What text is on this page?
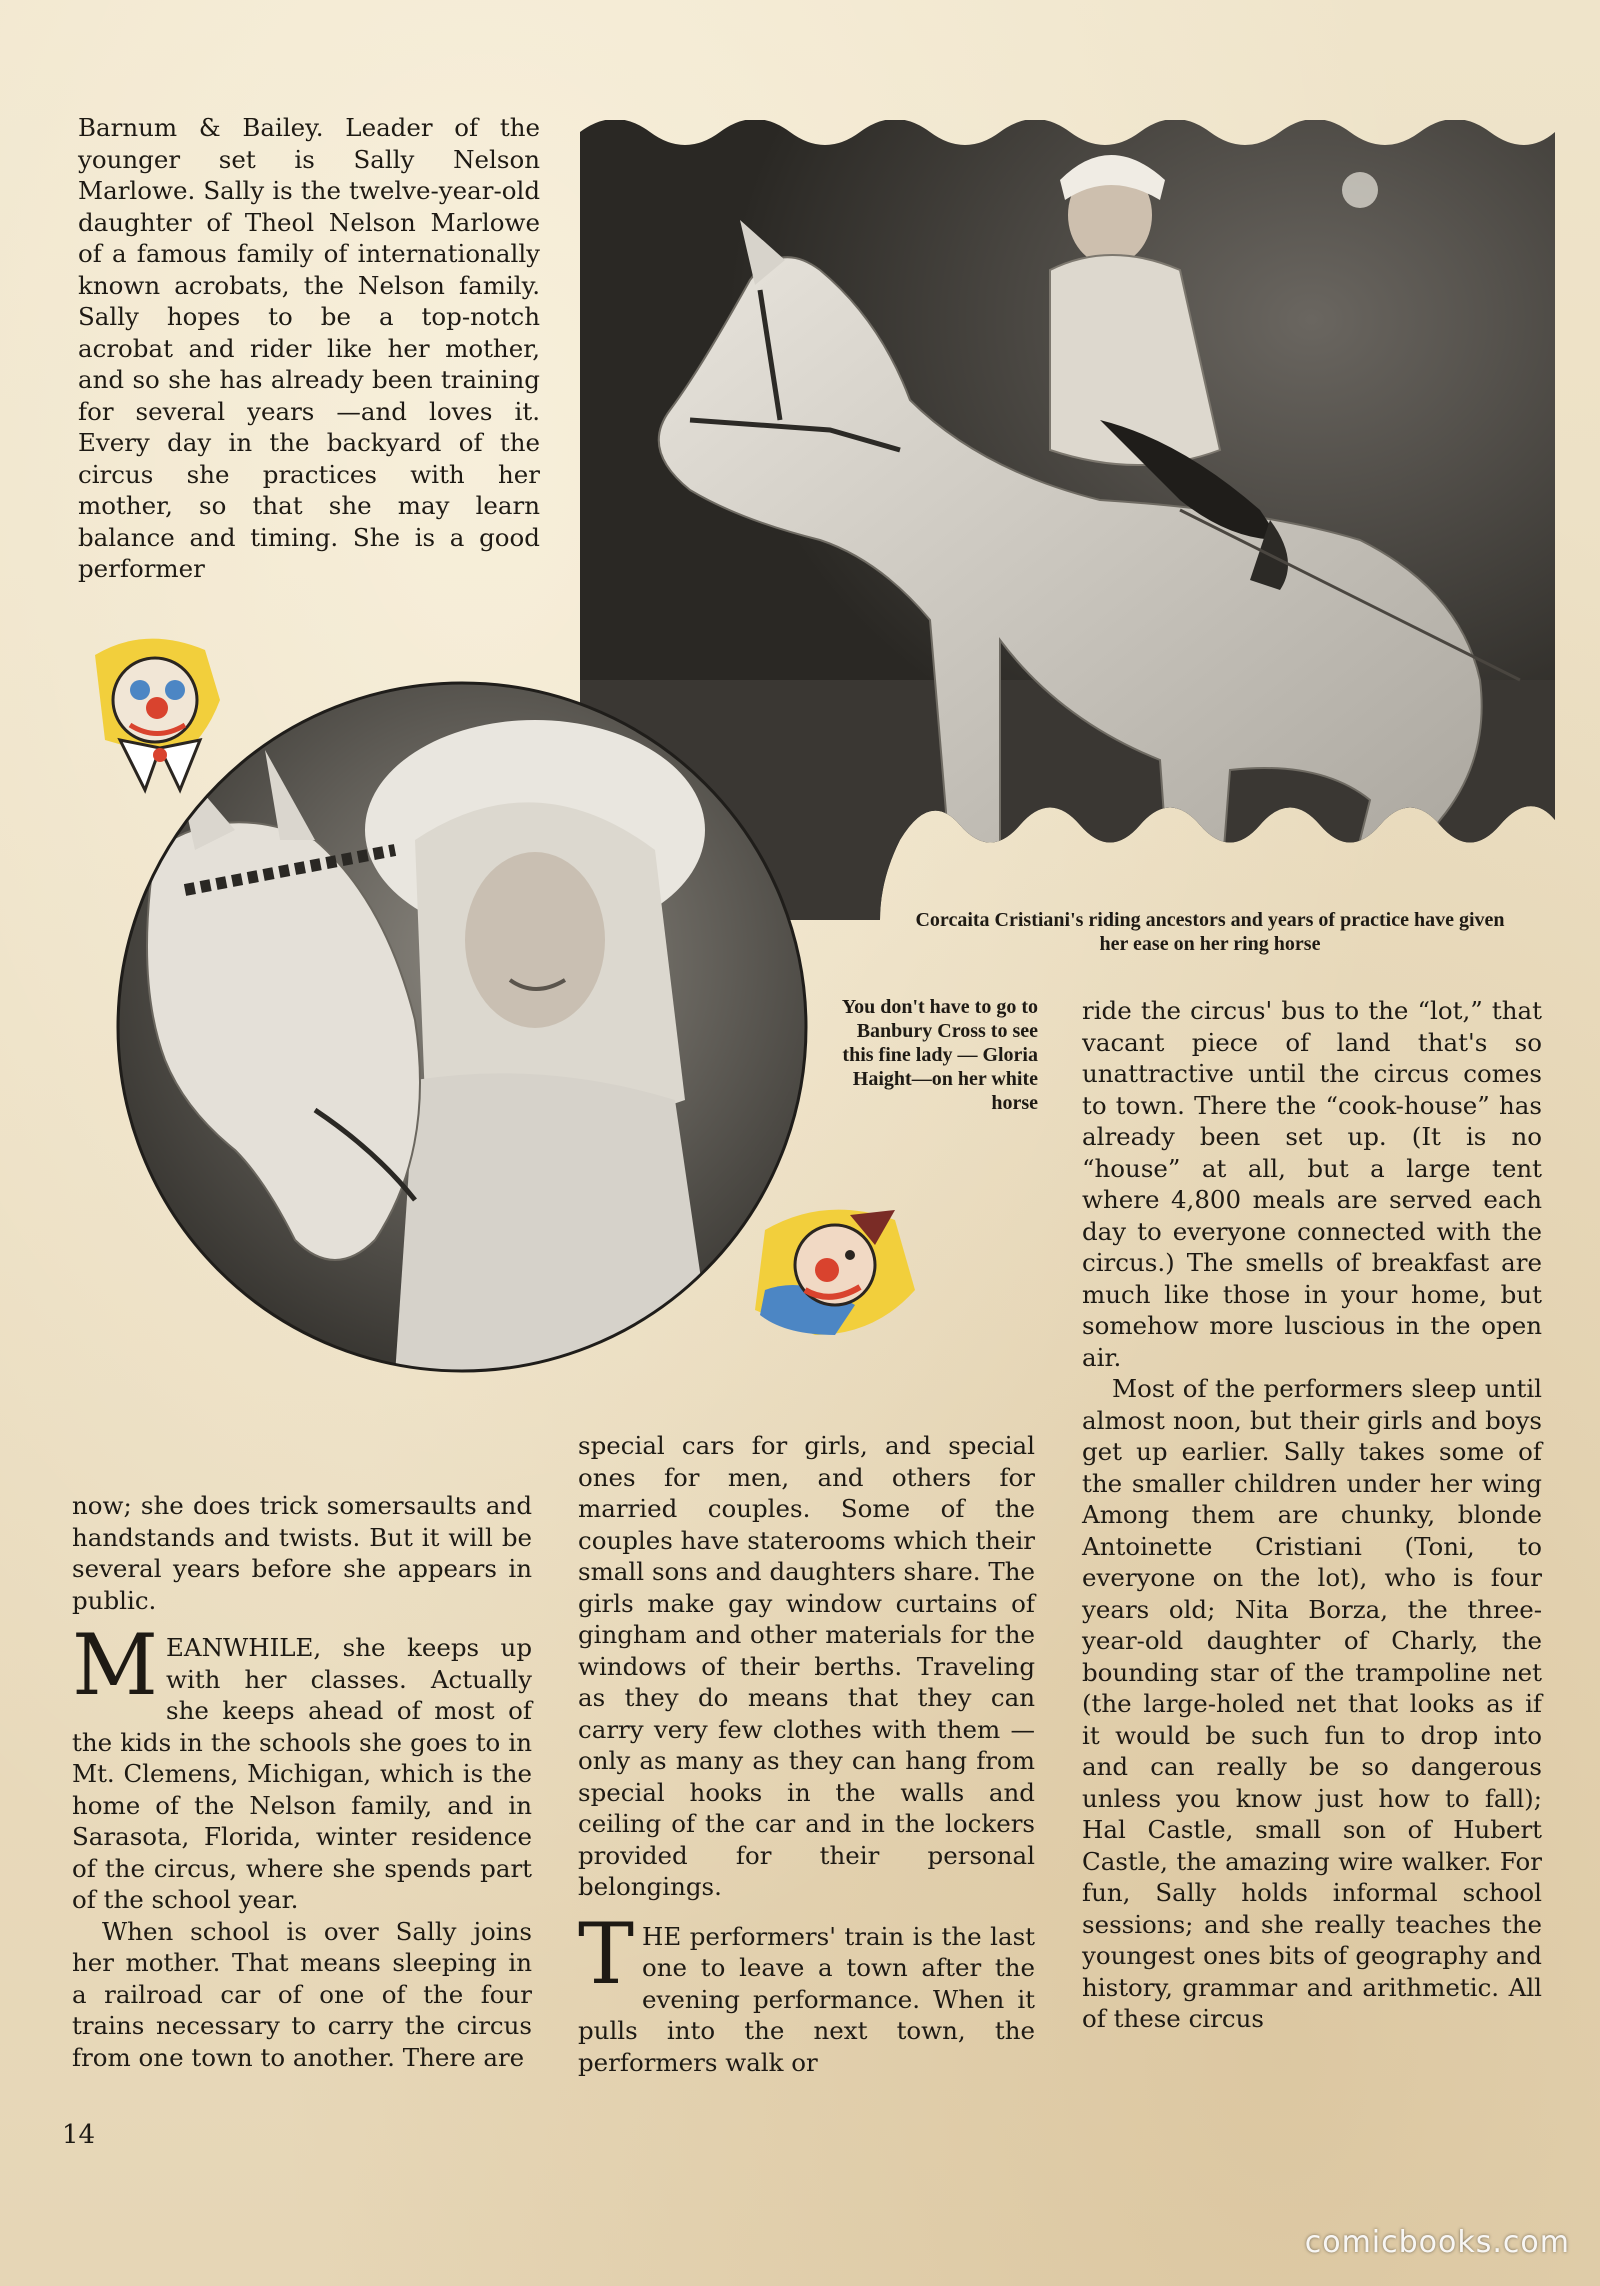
Barnum & Bailey. Leader of the younger set is Sally Nelson Marlowe. Sally is the twelve-year-old daughter of Theol Nelson Marlowe of a famous family of internationally known acrobats, the Nelson family. Sally hopes to be a top-notch acrobat and rider like her mother, and so she has already been training for several years —and loves it. Every day in the backyard of the circus she practices with her mother, so that she may learn balance and timing. She is a good performer

Corcaita Cristiani's riding ancestors and years of practice have given her ease on her ring horse
You don't have to go to Banbury Cross to see this fine lady — Gloria Haight—on her white horse

now; she does trick somersaults and handstands and twists. But it will be several years before she appears in public.

MEANWHILE, she keeps up with her classes. Actually she keeps ahead of most of the kids in the schools she goes to in Mt. Clemens, Michigan, which is the home of the Nelson family, and in Sarasota, Florida, winter residence of the circus, where she spends part of the school year.

When school is over Sally joins her mother. That means sleeping in a railroad car of one of the four trains necessary to carry the circus from one town to another. There are

special cars for girls, and special ones for men, and others for married couples. Some of the couples have staterooms which their small sons and daughters share. The girls make gay window curtains of gingham and other materials for the windows of their berths. Traveling as they do means that they can carry very few clothes with them — only as many as they can hang from special hooks in the walls and ceiling of the car and in the lockers provided for their personal belongings.

THE performers' train is the last one to leave a town after the evening performance. When it pulls into the next town, the performers walk or

ride the circus' bus to the “lot,” that vacant piece of land that's so unattractive until the circus comes to town. There the “cook-house” has already been set up. (It is no “house” at all, but a large tent where 4,800 meals are served each day to everyone connected with the circus.) The smells of breakfast are much like those in your home, but somehow more luscious in the open air.

Most of the performers sleep until almost noon, but their girls and boys get up earlier. Sally takes some of the smaller children under her wing Among them are chunky, blonde Antoinette Cristiani (Toni, to everyone on the lot), who is four years old; Nita Borza, the three-year-old daughter of Charly, the bounding star of the trampoline net (the large-holed net that looks as if it would be such fun to drop into and can really be so dangerous unless you know just how to fall); Hal Castle, small son of Hubert Castle, the amazing wire walker. For fun, Sally holds informal school sessions; and she really teaches the youngest ones bits of geography and history, grammar and arithmetic. All of these circus

14
comicbooks.com
